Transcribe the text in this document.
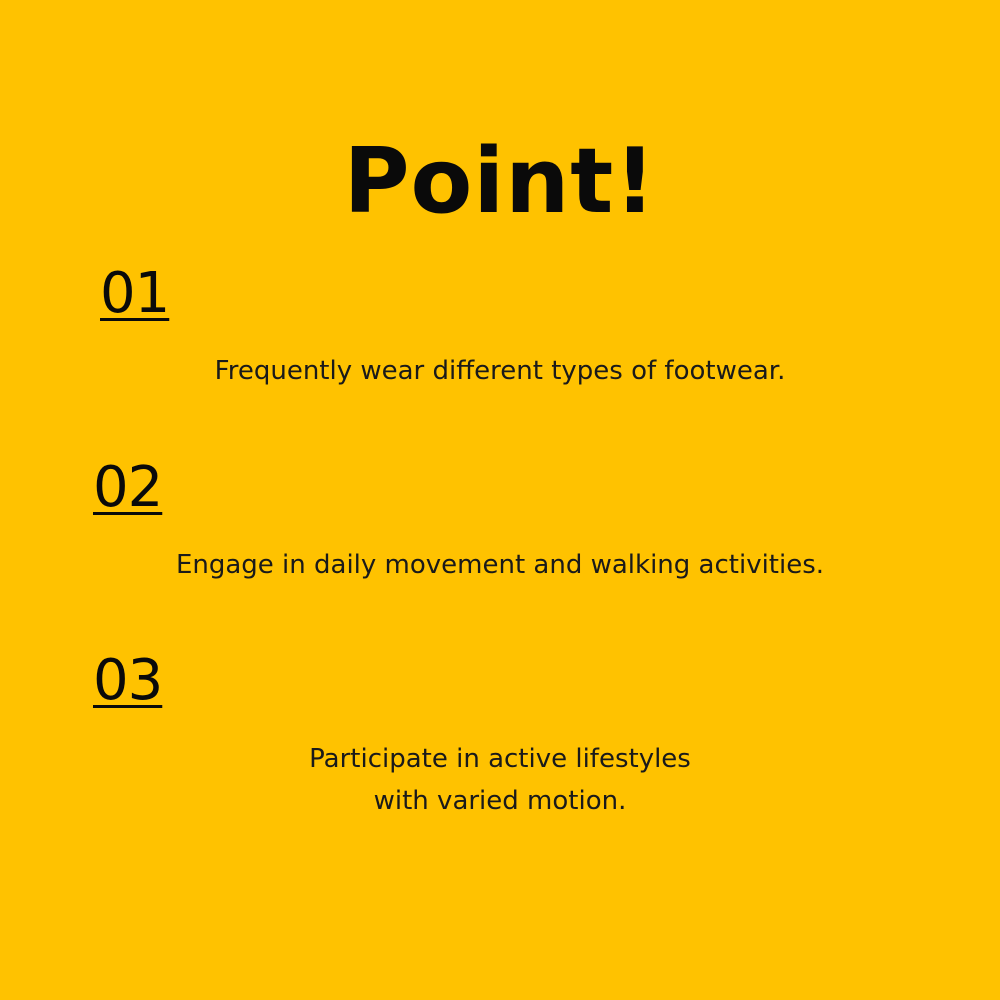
Point!
01
Frequently wear different types of footwear.
02
Engage in daily movement and walking activities.
03
Participate in active lifestyles
with varied motion.
